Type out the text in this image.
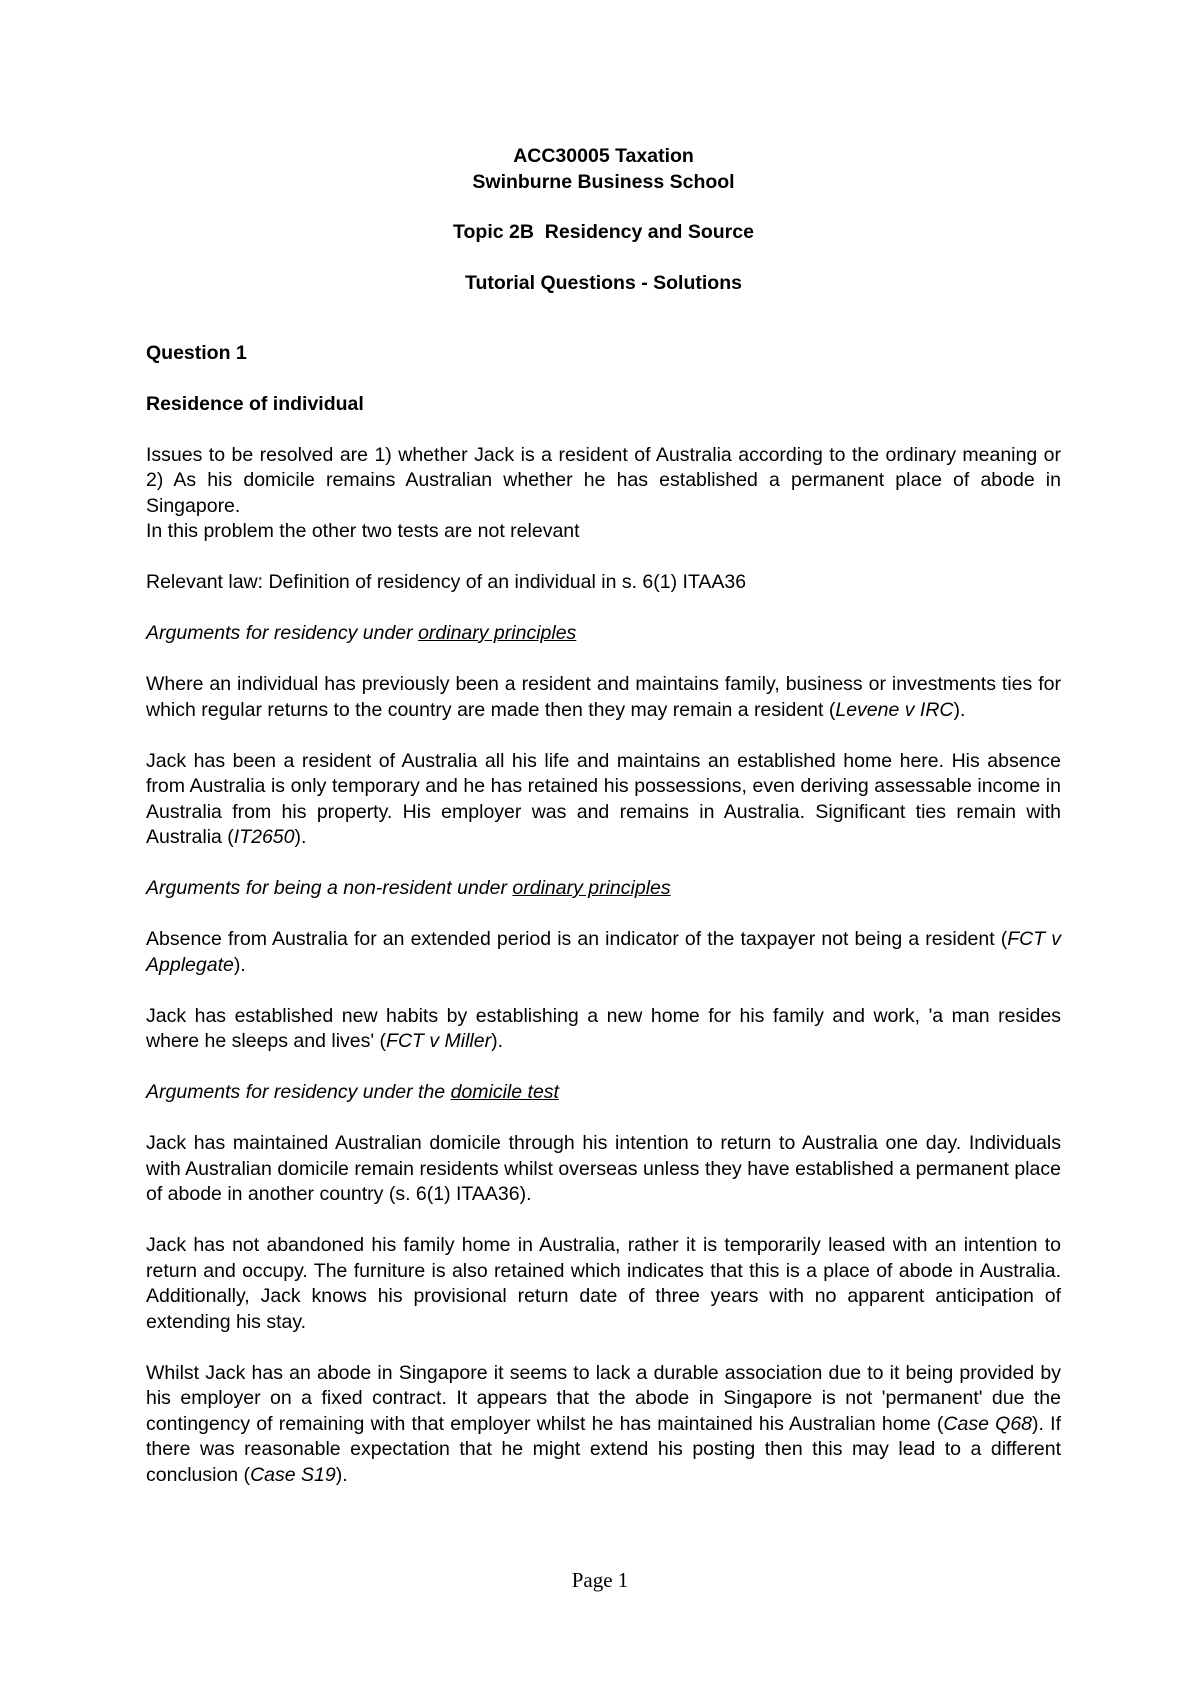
ACC30005 Taxation

Swinburne Business School

Topic 2B  Residency and Source

Tutorial Questions - Solutions

Question 1
Residence of individual

Issues to be resolved are 1) whether Jack is a resident of Australia according to the ordinary meaning or 2) As his domicile remains Australian whether he has established a permanent place of abode in Singapore.

In this problem the other two tests are not relevant

Relevant law: Definition of residency of an individual in s. 6(1) ITAA36

Arguments for residency under ordinary principles

Where an individual has previously been a resident and maintains family, business or investments ties for which regular returns to the country are made then they may remain a resident (Levene v IRC).

Jack has been a resident of Australia all his life and maintains an established home here. His absence from Australia is only temporary and he has retained his possessions, even deriving assessable income in Australia from his property. His employer was and remains in Australia. Significant ties remain with Australia (IT2650).

Arguments for being a non-resident under ordinary principles

Absence from Australia for an extended period is an indicator of the taxpayer not being a resident (FCT v Applegate).

Jack has established new habits by establishing a new home for his family and work, 'a man resides where he sleeps and lives' (FCT v Miller).

Arguments for residency under the domicile test

Jack has maintained Australian domicile through his intention to return to Australia one day. Individuals with Australian domicile remain residents whilst overseas unless they have established a permanent place of abode in another country (s. 6(1) ITAA36).

Jack has not abandoned his family home in Australia, rather it is temporarily leased with an intention to return and occupy. The furniture is also retained which indicates that this is a place of abode in Australia. Additionally, Jack knows his provisional return date of three years with no apparent anticipation of extending his stay.

Whilst Jack has an abode in Singapore it seems to lack a durable association due to it being provided by his employer on a fixed contract. It appears that the abode in Singapore is not 'permanent' due the contingency of remaining with that employer whilst he has maintained his Australian home (Case Q68). If there was reasonable expectation that he might extend his posting then this may lead to a different conclusion (Case S19).

Page 1
